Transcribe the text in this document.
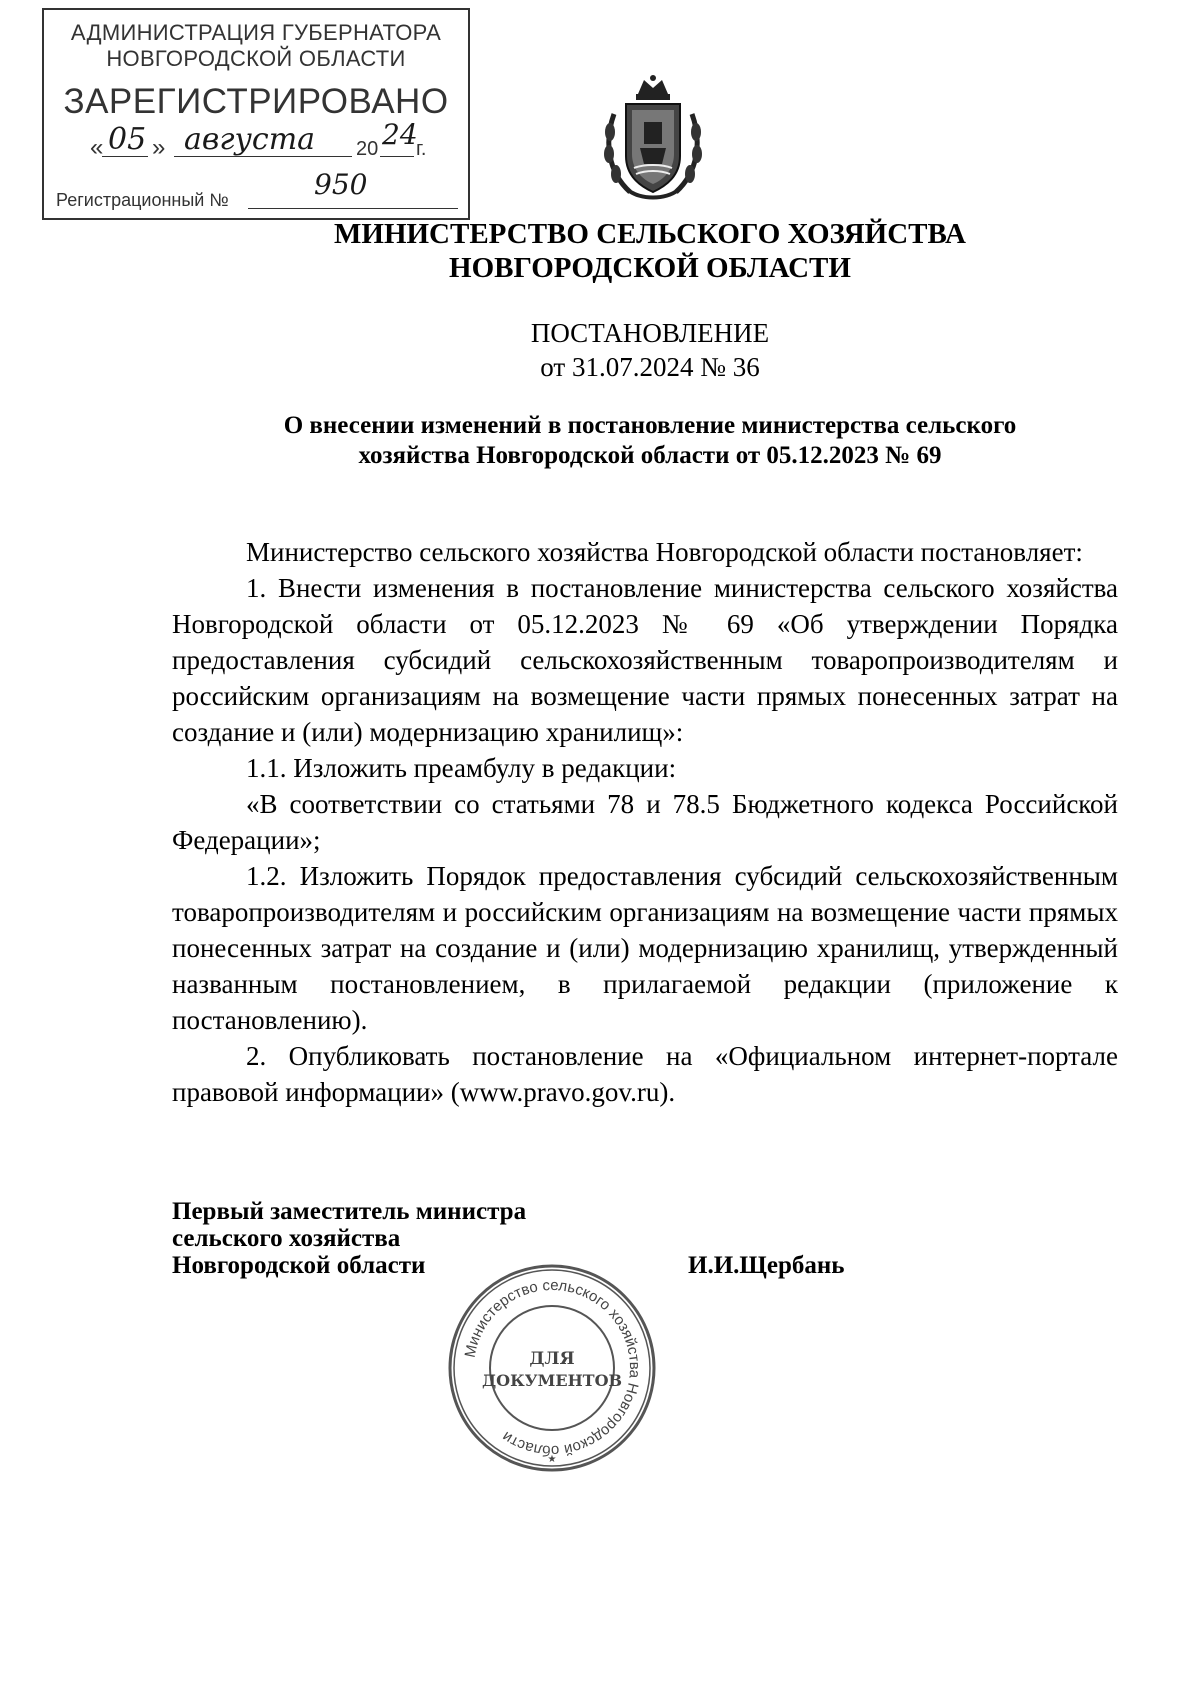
АДМИНИСТРАЦИЯ ГУБЕРНАТОРА
НОВГОРОДСКОЙ ОБЛАСТИ
ЗАРЕГИСТРИРОВАНО
« 05 » августа 20 24
г.
Регистрационный №	950
МИНИСТЕРСТВО СЕЛЬСКОГО ХОЗЯЙСТВА
НОВГОРОДСКОЙ ОБЛАСТИ
ПОСТАНОВЛЕНИЕ
от 31.07.2024 № 36
О внесении изменений в постановление министерства сельского
хозяйства Новгородской области от 05.12.2023 № 69

Министерство сельского хозяйства Новгородской области постановляет:

1. Внести изменения в постановление министерства сельского хозяйства Новгородской области от 05.12.2023 № 69 «Об утверждении Порядка предоставления субсидий сельскохозяйственным товаропроизводителям и российским организациям на возмещение части прямых понесенных затрат на создание и (или) модернизацию хранилищ»:

1.1. Изложить преамбулу в редакции:

«В соответствии со статьями 78 и 78.5 Бюджетного кодекса Российской Федерации»;

1.2. Изложить Порядок предоставления субсидий сельскохозяйственным товаропроизводителям и российским организациям на возмещение части прямых понесенных затрат на создание и (или) модернизацию хранилищ, утвержденный названным постановлением, в прилагаемой редакции (приложение к постановлению).

2. Опубликовать постановление на «Официальном интернет-портале правовой информации» (www.pravo.gov.ru).

Первый заместитель министра
сельского хозяйства
Новгородской области	И.И.Щербань
Министерство сельского хозяйства Новгородской области
ДЛЯ
ДОКУМЕНТОВ
★
